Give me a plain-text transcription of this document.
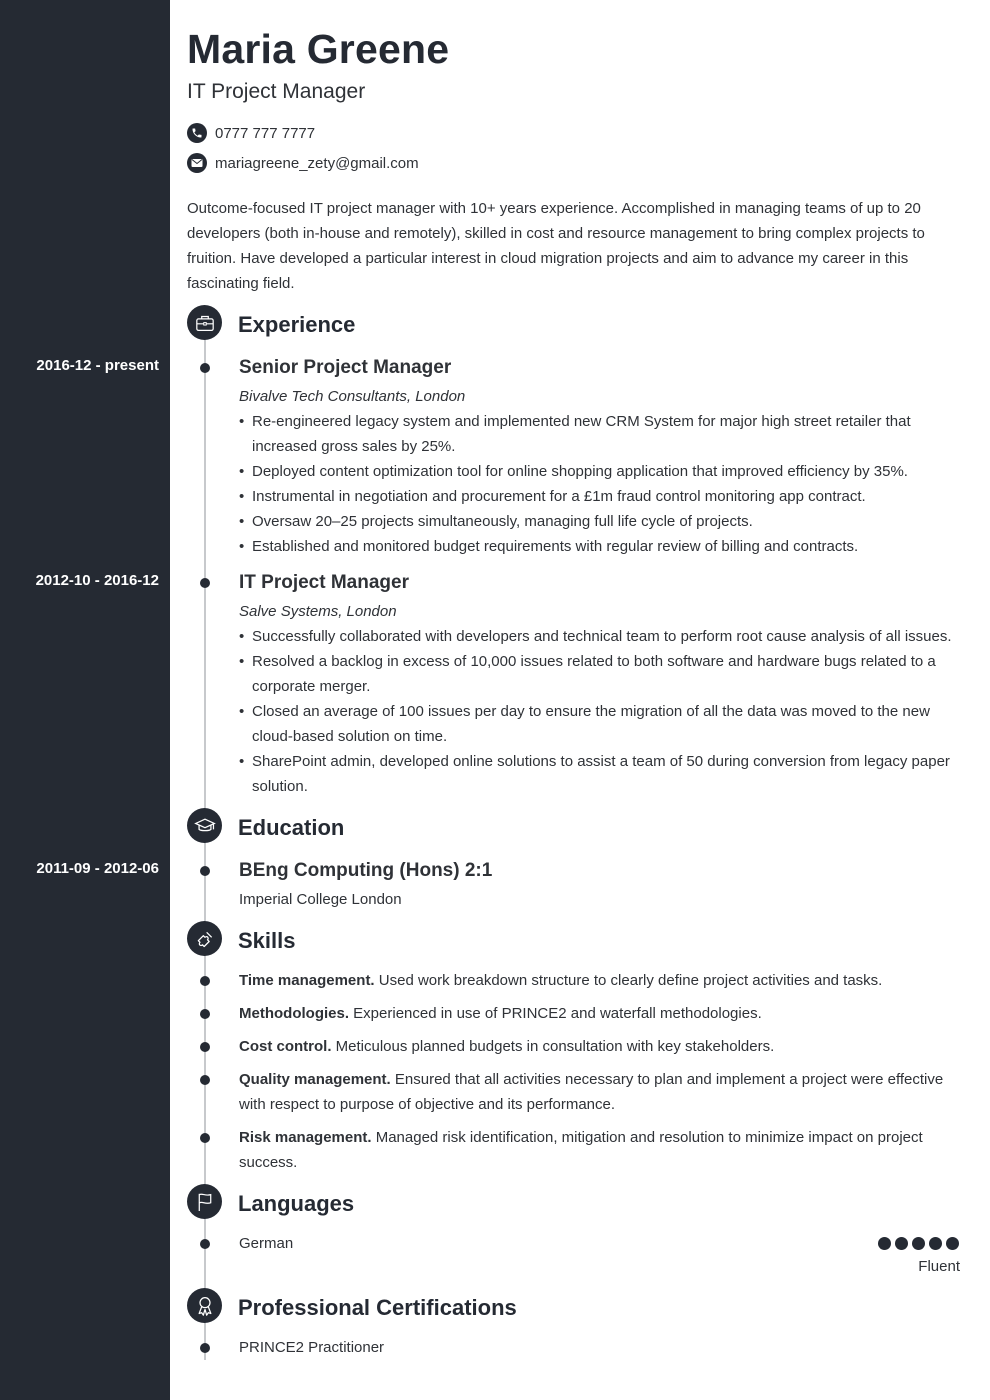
Maria Greene
IT Project Manager
0777 777 7777
mariagreene_zety@gmail.com
Outcome-focused IT project manager with 10+ years experience. Accomplished in managing teams of up to 20 developers (both in-house and remotely), skilled in cost and resource management to bring complex projects to fruition. Have developed a particular interest in cloud migration projects and aim to advance my career in this fascinating field.
Experience
2016-12 - present	Senior Project Manager
Bivalve Tech Consultants, London
• Re-engineered legacy system and implemented new CRM System for major high street retailer that increased gross sales by 25%.
• Deployed content optimization tool for online shopping application that improved efficiency by 35%.
• Instrumental in negotiation and procurement for a £1m fraud control monitoring app contract.
• Oversaw 20–25 projects simultaneously, managing full life cycle of projects.
• Established and monitored budget requirements with regular review of billing and contracts.
2012-10 - 2016-12	IT Project Manager
Salve Systems, London
• Successfully collaborated with developers and technical team to perform root cause analysis of all issues.
• Resolved a backlog in excess of 10,000 issues related to both software and hardware bugs related to a corporate merger.
• Closed an average of 100 issues per day to ensure the migration of all the data was moved to the new cloud-based solution on time.
• SharePoint admin, developed online solutions to assist a team of 50 during conversion from legacy paper solution.
Education
2011-09 - 2012-06	BEng Computing (Hons) 2:1
Imperial College London
Skills
Time management. Used work breakdown structure to clearly define project activities and tasks.
Methodologies. Experienced in use of PRINCE2 and waterfall methodologies.
Cost control. Meticulous planned budgets in consultation with key stakeholders.
Quality management. Ensured that all activities necessary to plan and implement a project were effective with respect to purpose of objective and its performance.
Risk management. Managed risk identification, mitigation and resolution to minimize impact on project success.
Languages
German
Fluent
Professional Certifications
PRINCE2 Practitioner
